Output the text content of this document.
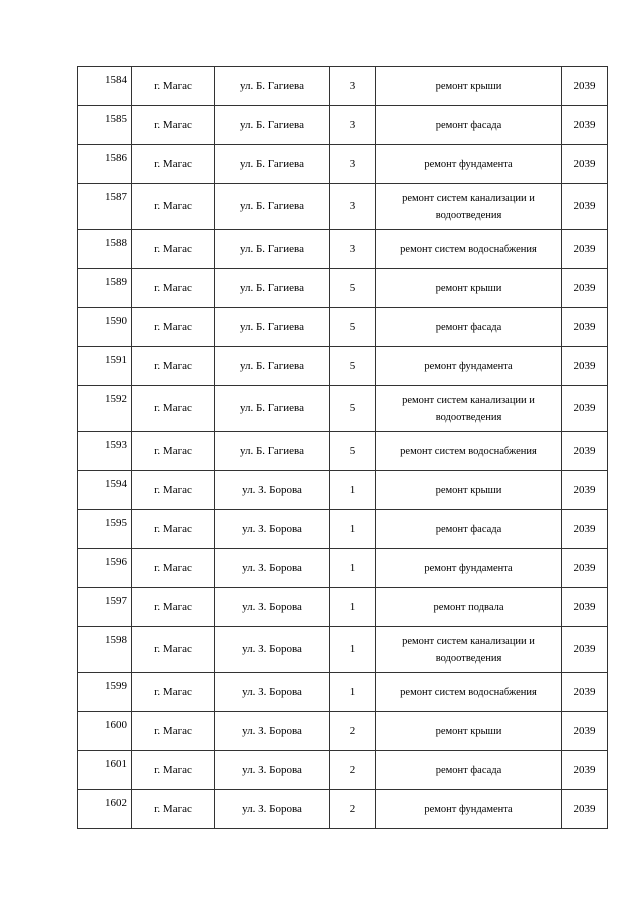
1584	г. Магас	ул. Б. Гагиева	3	ремонт крыши	2039
1585	г. Магас	ул. Б. Гагиева	3	ремонт фасада	2039
1586	г. Магас	ул. Б. Гагиева	3	ремонт фундамента	2039
1587	г. Магас	ул. Б. Гагиева	3	ремонт систем канализации и водоотведения	2039
1588	г. Магас	ул. Б. Гагиева	3	ремонт систем водоснабжения	2039
1589	г. Магас	ул. Б. Гагиева	5	ремонт крыши	2039
1590	г. Магас	ул. Б. Гагиева	5	ремонт фасада	2039
1591	г. Магас	ул. Б. Гагиева	5	ремонт фундамента	2039
1592	г. Магас	ул. Б. Гагиева	5	ремонт систем канализации и водоотведения	2039
1593	г. Магас	ул. Б. Гагиева	5	ремонт систем водоснабжения	2039
1594	г. Магас	ул. З. Борова	1	ремонт крыши	2039
1595	г. Магас	ул. З. Борова	1	ремонт фасада	2039
1596	г. Магас	ул. З. Борова	1	ремонт фундамента	2039
1597	г. Магас	ул. З. Борова	1	ремонт подвала	2039
1598	г. Магас	ул. З. Борова	1	ремонт систем канализации и водоотведения	2039
1599	г. Магас	ул. З. Борова	1	ремонт систем водоснабжения	2039
1600	г. Магас	ул. З. Борова	2	ремонт крыши	2039
1601	г. Магас	ул. З. Борова	2	ремонт фасада	2039
1602	г. Магас	ул. З. Борова	2	ремонт фундамента	2039
